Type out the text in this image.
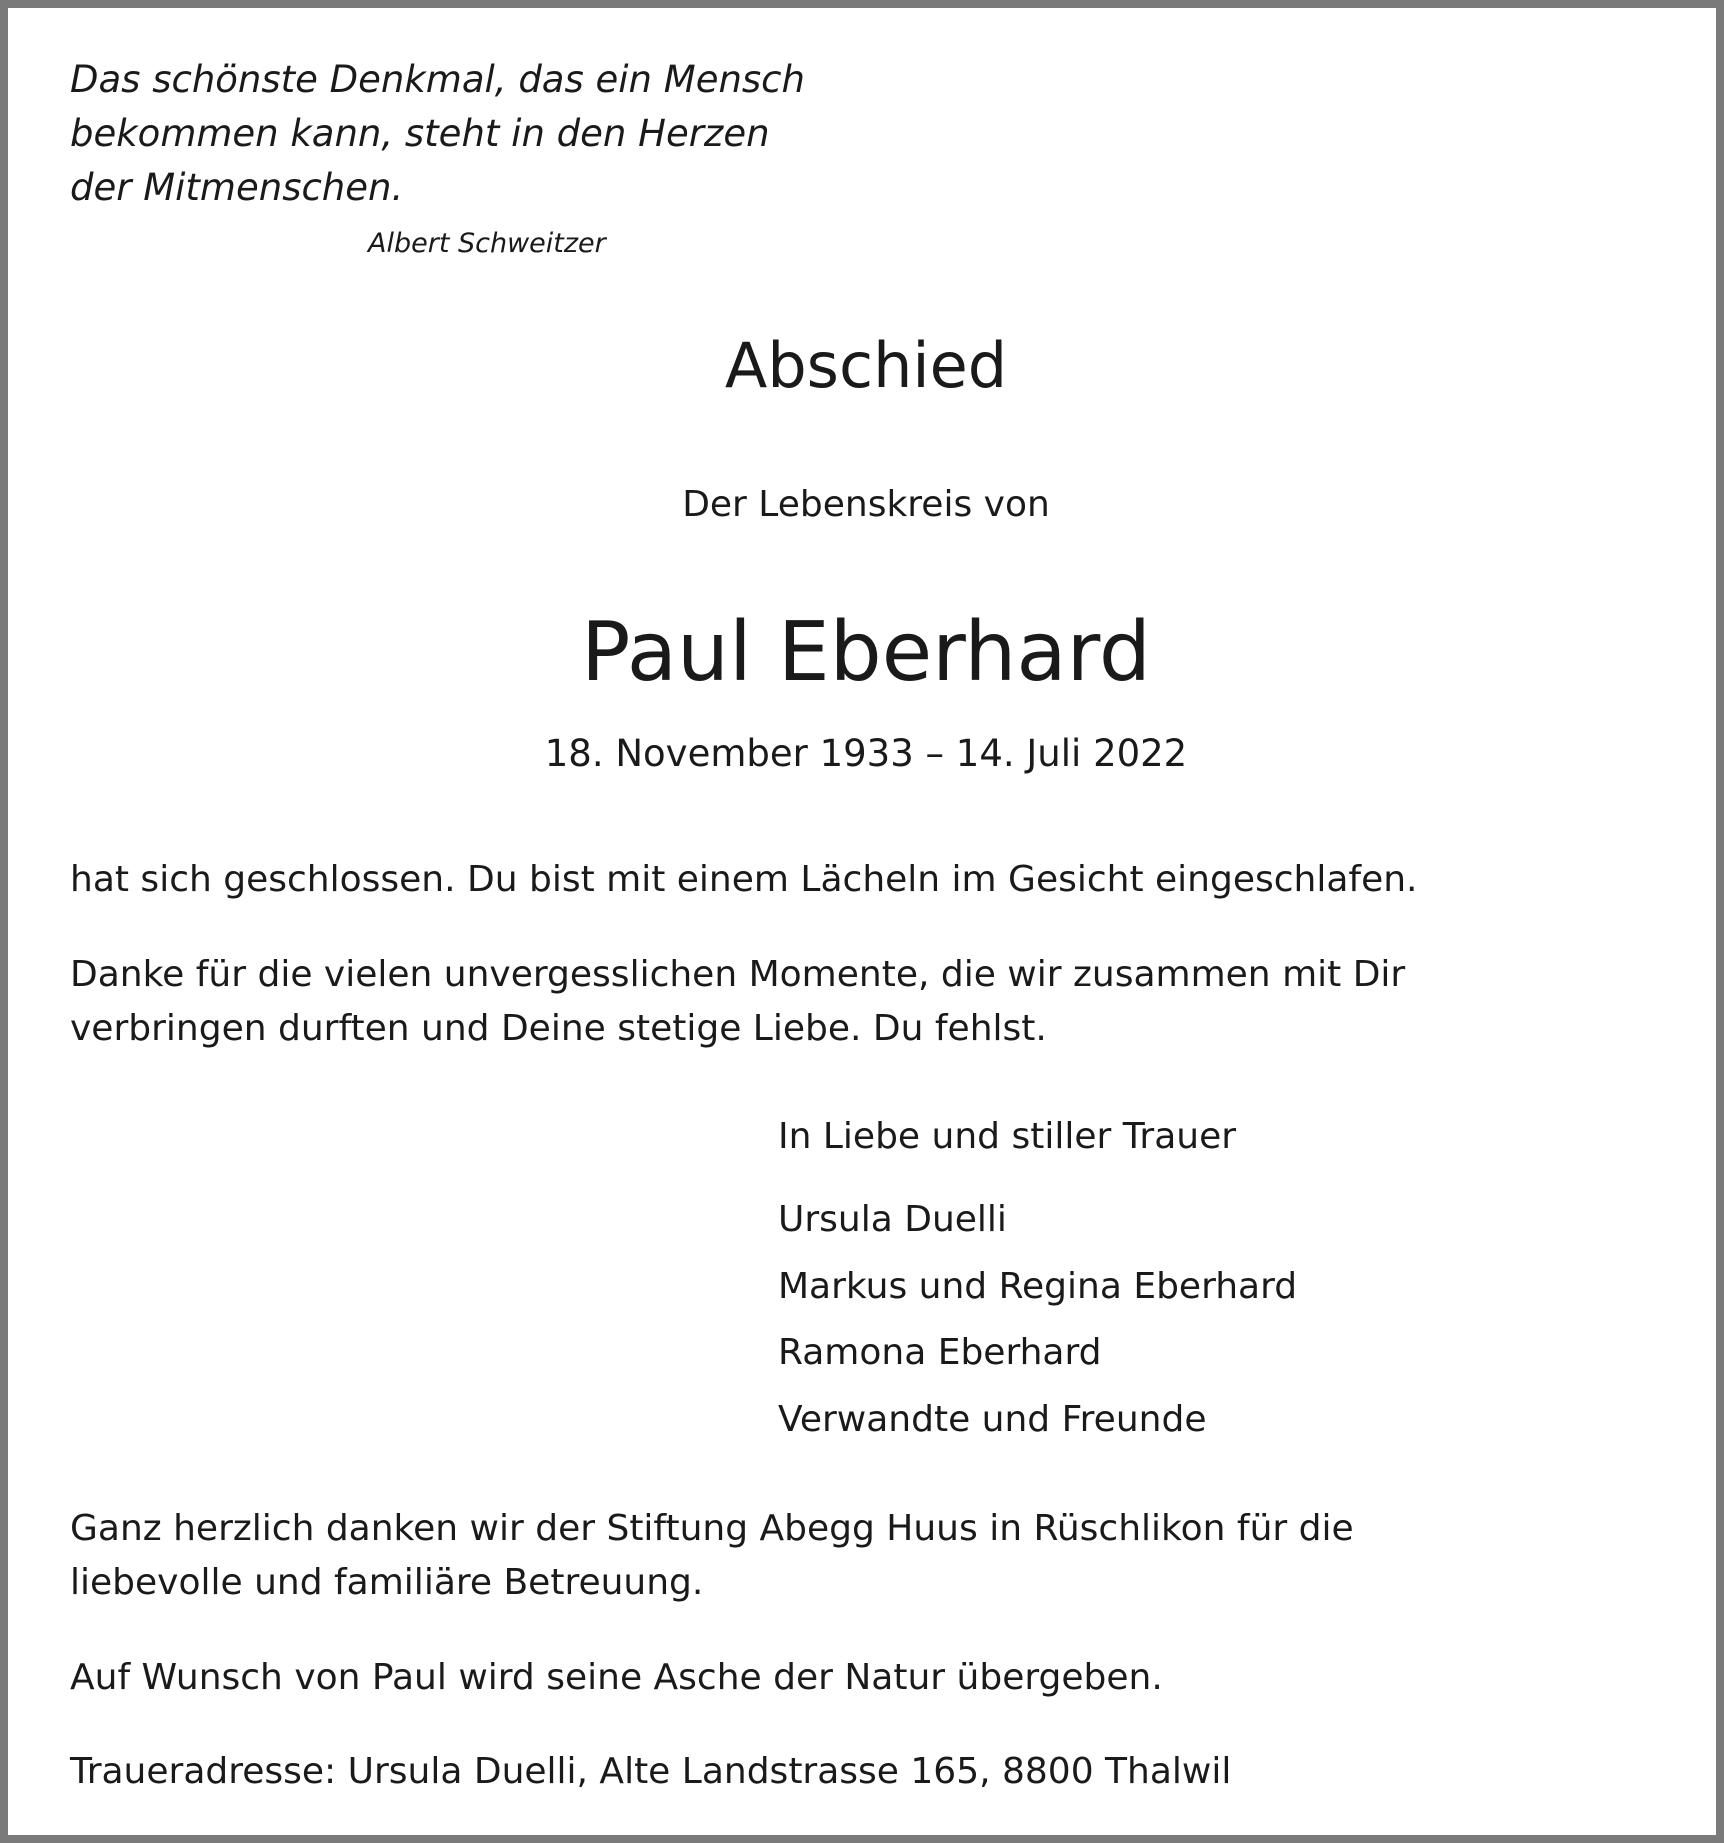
Das schönste Denkmal, das ein Mensch
bekommen kann, steht in den Herzen
der Mitmenschen.
Albert Schweitzer
Abschied
Der Lebenskreis von
Paul Eberhard
18. November 1933 – 14. Juli 2022
hat sich geschlossen. Du bist mit einem Lächeln im Gesicht eingeschlafen.
Danke für die vielen unvergesslichen Momente, die wir zusammen mit Dir
verbringen durften und Deine stetige Liebe. Du fehlst.
In Liebe und stiller Trauer
Ursula Duelli
Markus und Regina Eberhard
Ramona Eberhard
Verwandte und Freunde
Ganz herzlich danken wir der Stiftung Abegg Huus in Rüschlikon für die
liebevolle und familiäre Betreuung.
Auf Wunsch von Paul wird seine Asche der Natur übergeben.
Traueradresse: Ursula Duelli, Alte Landstrasse 165, 8800 Thalwil
